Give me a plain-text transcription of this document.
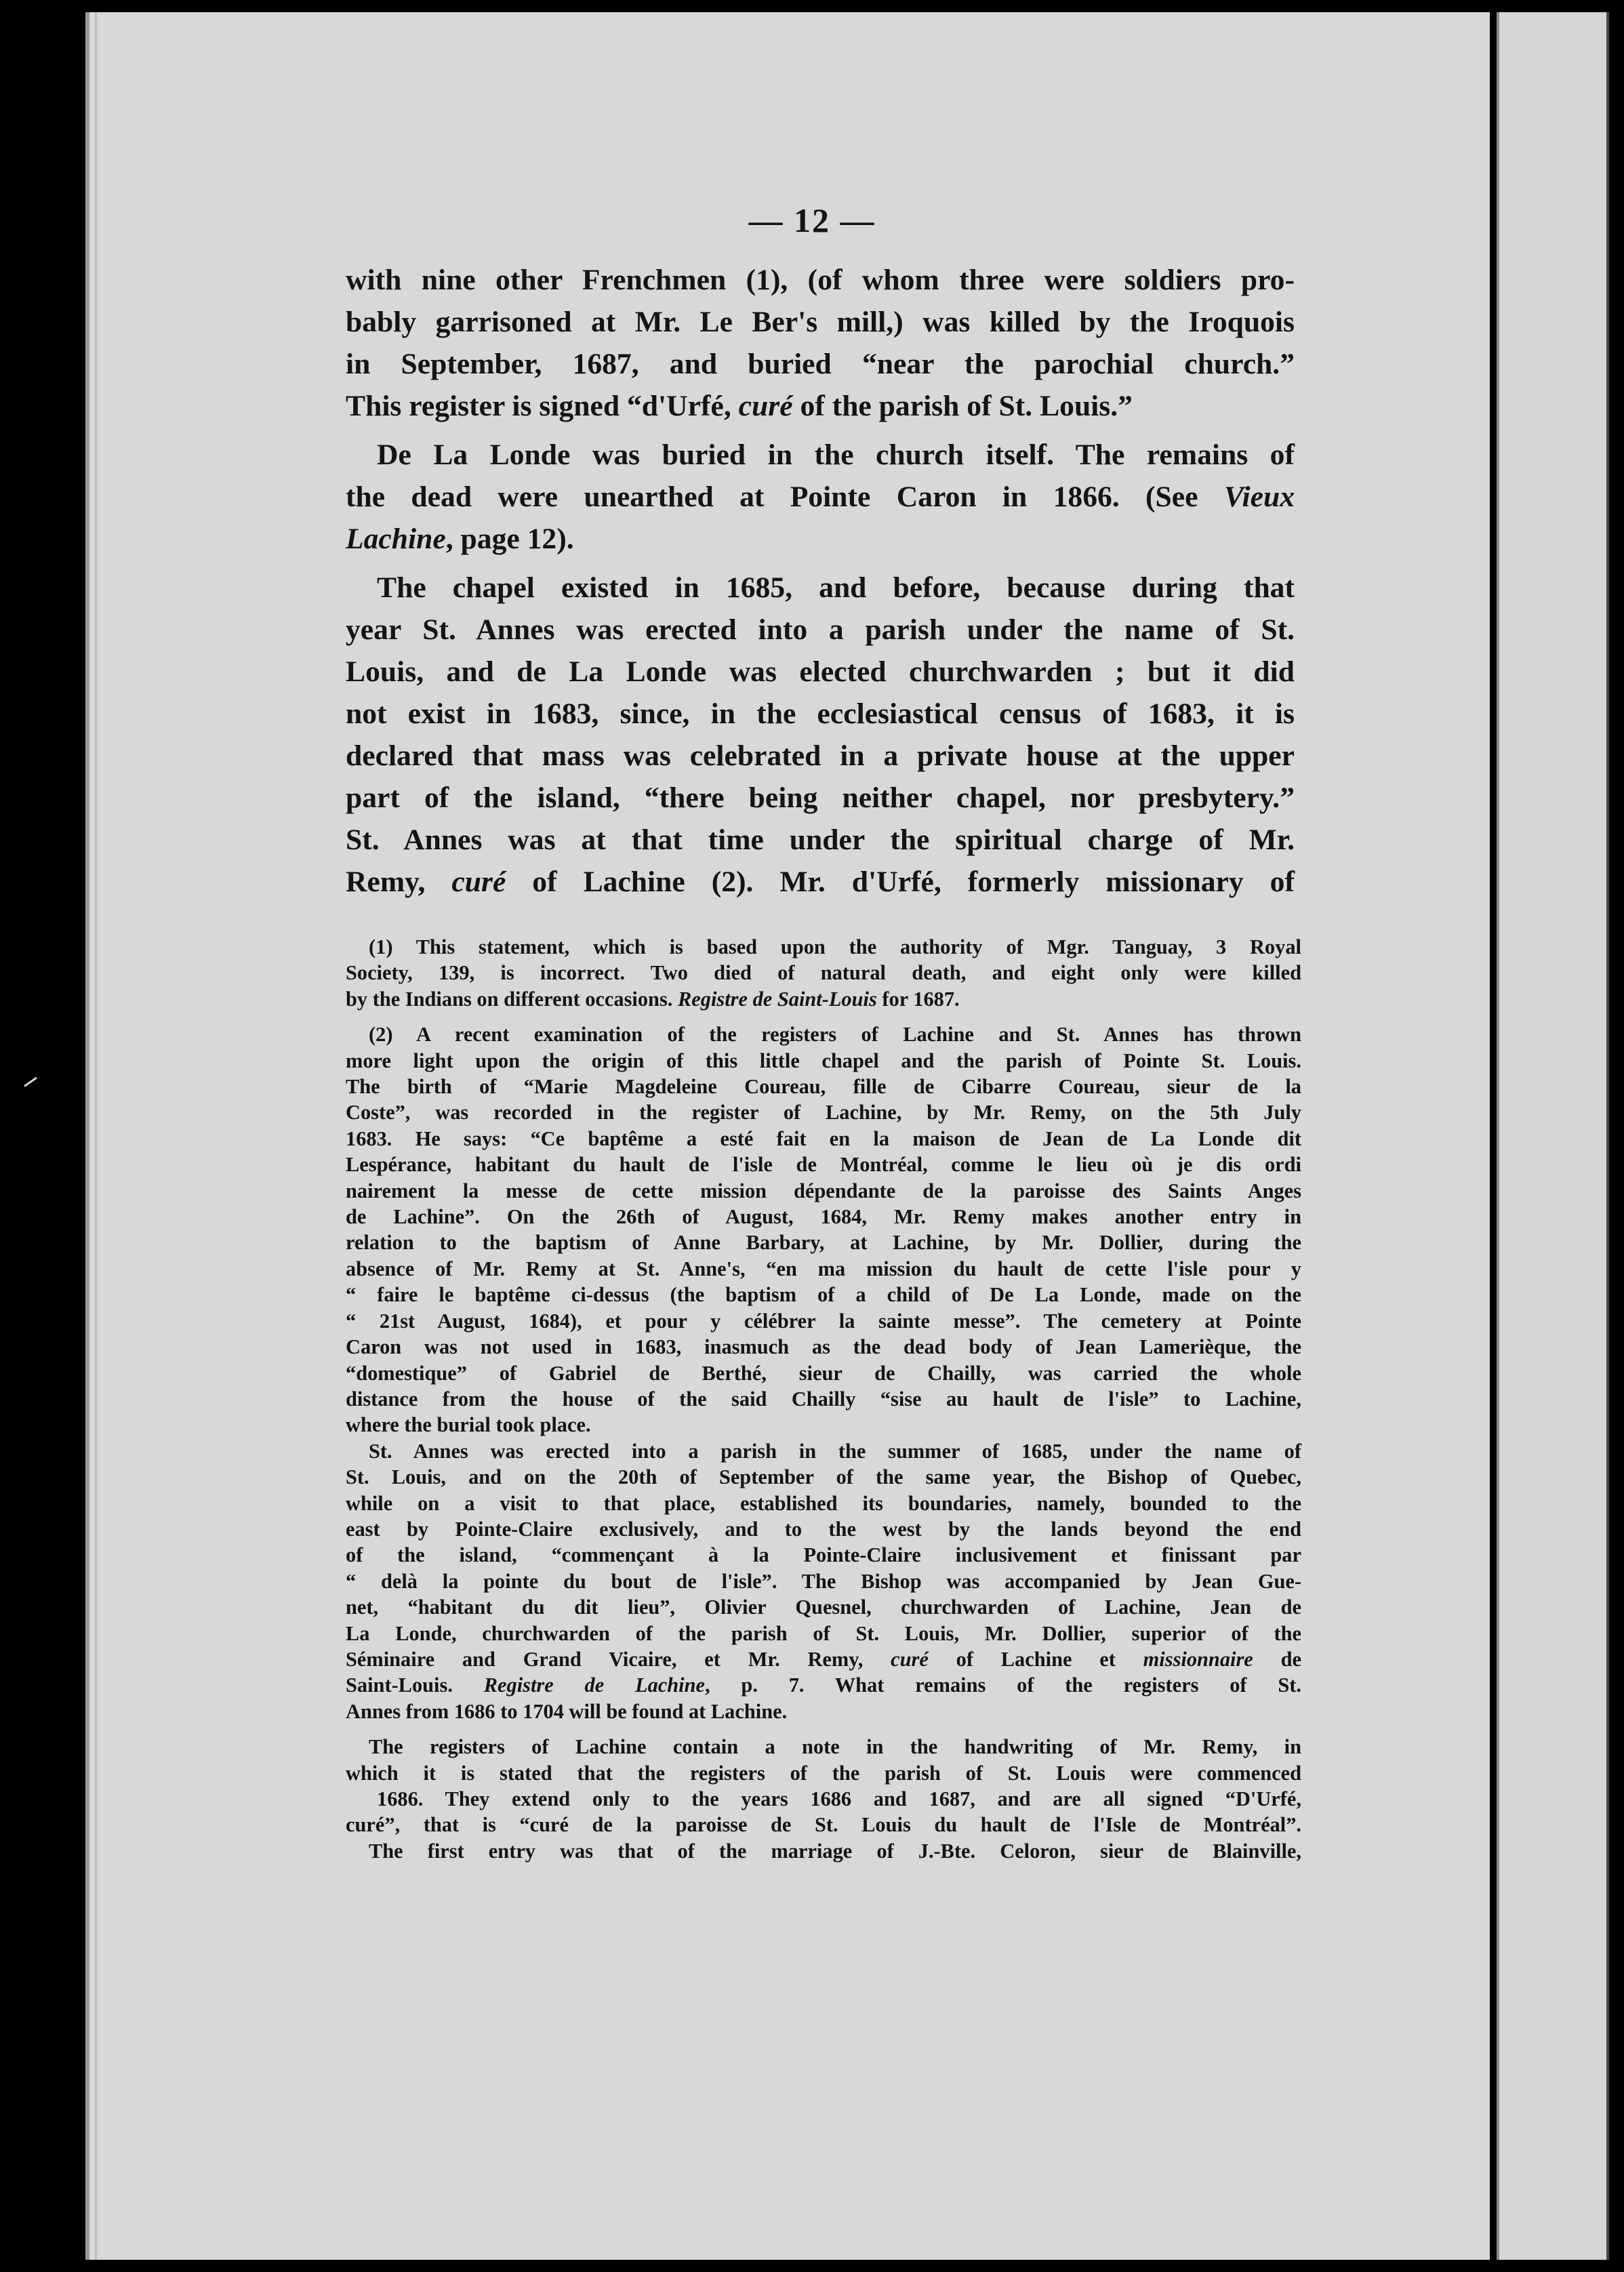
— 12 —

with nine other Frenchmen (1), (of whom three were soldiers pro-
bably garrisoned at Mr. Le Ber's mill,) was killed by the Iroquois
in September, 1687, and buried “near the parochial church.”
This register is signed “d'Urfé, curé of the parish of St. Louis.”

De La Londe was buried in the church itself. The remains of
the dead were unearthed at Pointe Caron in 1866. (See Vieux
Lachine, page 12).

The chapel existed in 1685, and before, because during that
year St. Annes was erected into a parish under the name of St.
Louis, and de La Londe was elected churchwarden ; but it did
not exist in 1683, since, in the ecclesiastical census of 1683, it is
declared that mass was celebrated in a private house at the upper
part of the island, “there being neither chapel, nor presbytery.”
St. Annes was at that time under the spiritual charge of Mr.
Remy, curé of Lachine (2). Mr. d'Urfé, formerly missionary of

(1) This statement, which is based upon the authority of Mgr. Tanguay, 3 Royal
Society, 139, is incorrect. Two died of natural death, and eight only were killed
by the Indians on different occasions. Registre de Saint-Louis for 1687.

(2) A recent examination of the registers of Lachine and St. Annes has thrown
more light upon the origin of this little chapel and the parish of Pointe St. Louis.
The birth of “Marie Magdeleine Coureau, fille de Cibarre Coureau, sieur de la
Coste”, was recorded in the register of Lachine, by Mr. Remy, on the 5th July
1683. He says: “Ce baptême a esté fait en la maison de Jean de La Londe dit
Lespérance, habitant du hault de l'isle de Montréal, comme le lieu où je dis ordi
nairement la messe de cette mission dépendante de la paroisse des Saints Anges
de Lachine”. On the 26th of August, 1684, Mr. Remy makes another entry in
relation to the baptism of Anne Barbary, at Lachine, by Mr. Dollier, during the
absence of Mr. Remy at St. Anne's, “en ma mission du hault de cette l'isle pour y
“ faire le baptême ci-dessus (the baptism of a child of De La Londe, made on the
“ 21st August, 1684), et pour y célébrer la sainte messe”. The cemetery at Pointe
Caron was not used in 1683, inasmuch as the dead body of Jean Lamerièque, the
“domestique” of Gabriel de Berthé, sieur de Chailly, was carried the whole
distance from the house of the said Chailly “sise au hault de l'isle” to Lachine,
where the burial took place.

St. Annes was erected into a parish in the summer of 1685, under the name of
St. Louis, and on the 20th of September of the same year, the Bishop of Quebec,
while on a visit to that place, established its boundaries, namely, bounded to the
east by Pointe-Claire exclusively, and to the west by the lands beyond the end
of the island, “commençant à la Pointe-Claire inclusivement et finissant par
“ delà la pointe du bout de l'isle”. The Bishop was accompanied by Jean Gue-
net, “habitant du dit lieu”, Olivier Quesnel, churchwarden of Lachine, Jean de
La Londe, churchwarden of the parish of St. Louis, Mr. Dollier, superior of the
Séminaire and Grand Vicaire, et Mr. Remy, curé of Lachine et missionnaire de
Saint-Louis. Registre de Lachine, p. 7. What remains of the registers of St.
Annes from 1686 to 1704 will be found at Lachine.

The registers of Lachine contain a note in the handwriting of Mr. Remy, in
which it is stated that the registers of the parish of St. Louis were commenced
1686. They extend only to the years 1686 and 1687, and are all signed “D'Urfé,
curé”, that is “curé de la paroisse de St. Louis du hault de l'Isle de Montréal”.
The first entry was that of the marriage of J.-Bte. Celoron, sieur de Blainville,
